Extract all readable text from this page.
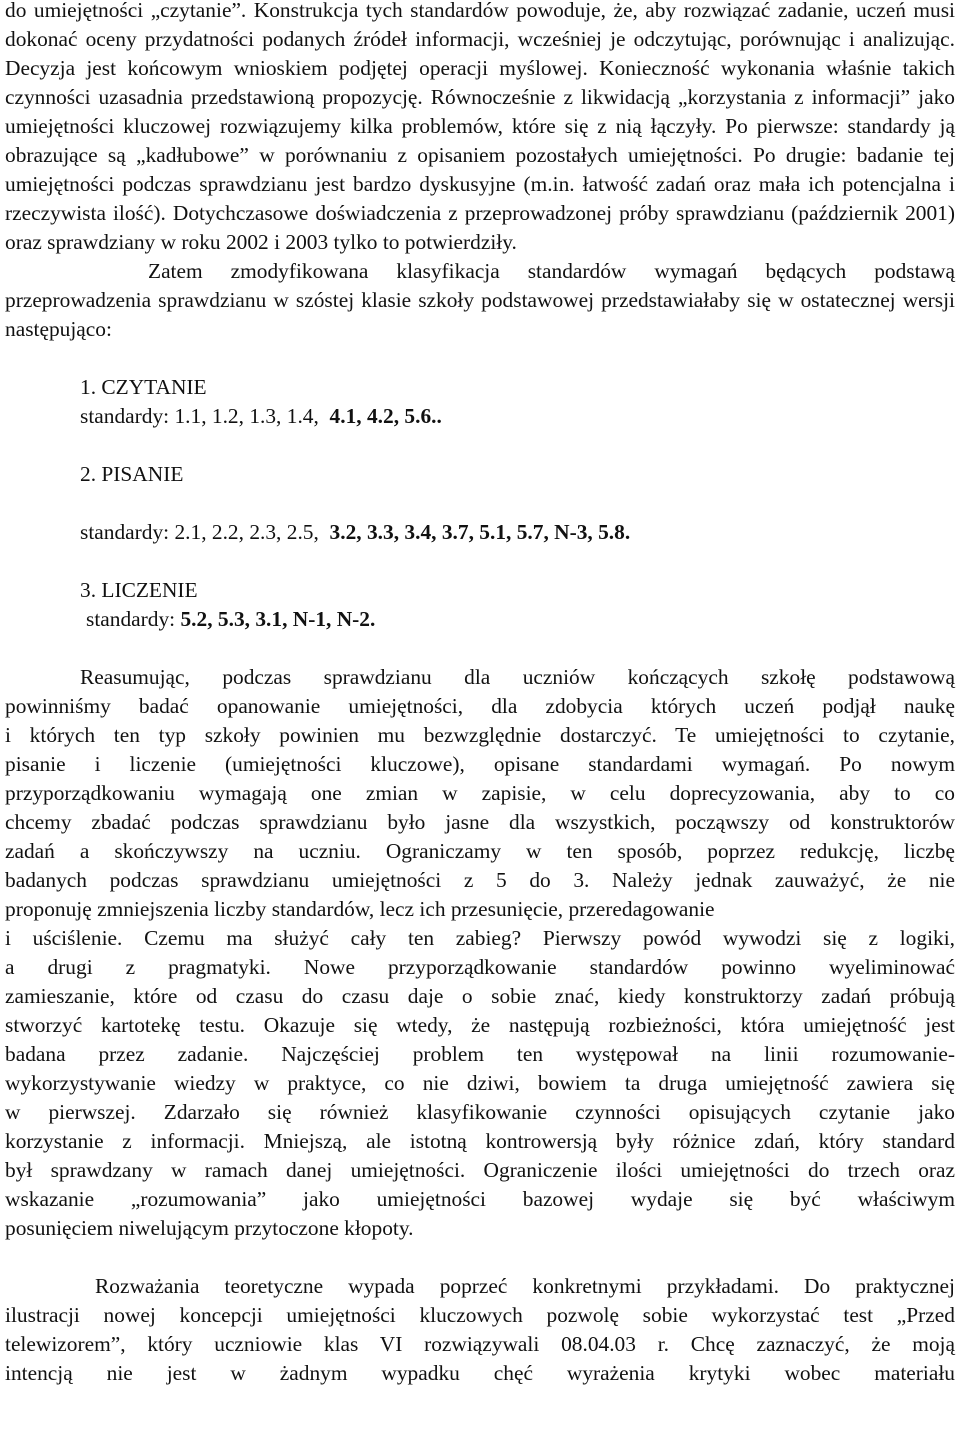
do umiejętności „czytanie”. Konstrukcja tych standardów powoduje, że, aby rozwiązać zadanie, uczeń musi dokonać oceny przydatności podanych źródeł informacji, wcześniej je odczytując, porównując i analizując. Decyzja jest końcowym wnioskiem podjętej operacji myślowej. Konieczność wykonania właśnie takich czynności uzasadnia przedstawioną propozycję. Równocześnie z likwidacją „korzystania z informacji” jako umiejętności kluczowej rozwiązujemy kilka problemów, które się z nią łączyły. Po pierwsze: standardy ją obrazujące są „kadłubowe” w porównaniu z opisaniem pozostałych umiejętności. Po drugie: badanie tej umiejętności podczas sprawdzianu jest bardzo dyskusyjne (m.in. łatwość zadań oraz mała ich potencjalna i rzeczywista ilość). Dotychczasowe doświadczenia z przeprowadzonej próby sprawdzianu (październik 2001) oraz sprawdziany w roku 2002 i 2003 tylko to potwierdziły.

Zatem zmodyfikowana klasyfikacja standardów wymagań będących podstawą przeprowadzenia sprawdzianu w szóstej klasie szkoły podstawowej przedstawiałaby się w ostatecznej wersji następująco:

1. CZYTANIE
standardy: 1.1, 1.2, 1.3, 1.4, 4.1, 4.2, 5.6..
2. PISANIE
standardy: 2.1, 2.2, 2.3, 2.5, 3.2, 3.3, 3.4, 3.7, 5.1, 5.7, N-3, 5.8.
3. LICZENIE
standardy: 5.2, 5.3, 3.1, N-1, N-2.

Reasumując, podczas sprawdzianu dla uczniów kończących szkołę podstawową

powinniśmy badać opanowanie umiejętności, dla zdobycia których uczeń podjął naukę

i których ten typ szkoły powinien mu bezwzględnie dostarczyć. Te umiejętności to czytanie,

pisanie i liczenie (umiejętności kluczowe), opisane standardami wymagań. Po nowym

przyporządkowaniu wymagają one zmian w zapisie, w celu doprecyzowania, aby to co

chcemy zbadać podczas sprawdzianu było jasne dla wszystkich, począwszy od konstruktorów

zadań a skończywszy na uczniu. Ograniczamy w ten sposób, poprzez redukcję, liczbę

badanych podczas sprawdzianu umiejętności z 5 do 3. Należy jednak zauważyć, że nie

proponuję zmniejszenia liczby standardów, lecz ich przesunięcie, przeredagowanie

i uściślenie. Czemu ma służyć cały ten zabieg? Pierwszy powód wywodzi się z logiki,

a drugi z pragmatyki. Nowe przyporządkowanie standardów powinno wyeliminować

zamieszanie, które od czasu do czasu daje o sobie znać, kiedy konstruktorzy zadań próbują

stworzyć kartotekę testu. Okazuje się wtedy, że następują rozbieżności, która umiejętność jest

badana przez zadanie. Najczęściej problem ten występował na linii rozumowanie-

wykorzystywanie wiedzy w praktyce, co nie dziwi, bowiem ta druga umiejętność zawiera się

w pierwszej. Zdarzało się również klasyfikowanie czynności opisujących czytanie jako

korzystanie z informacji. Mniejszą, ale istotną kontrowersją były różnice zdań, który standard

był sprawdzany w ramach danej umiejętności. Ograniczenie ilości umiejętności do trzech oraz

wskazanie „rozumowania” jako umiejętności bazowej wydaje się być właściwym

posunięciem niwelującym przytoczone kłopoty.

Rozważania teoretyczne wypada poprzeć konkretnymi przykładami. Do praktycznej

ilustracji nowej koncepcji umiejętności kluczowych pozwolę sobie wykorzystać test „Przed

telewizorem”, który uczniowie klas VI rozwiązywali 08.04.03 r. Chcę zaznaczyć, że moją

intencją nie jest w żadnym wypadku chęć wyrażenia krytyki wobec materiału
